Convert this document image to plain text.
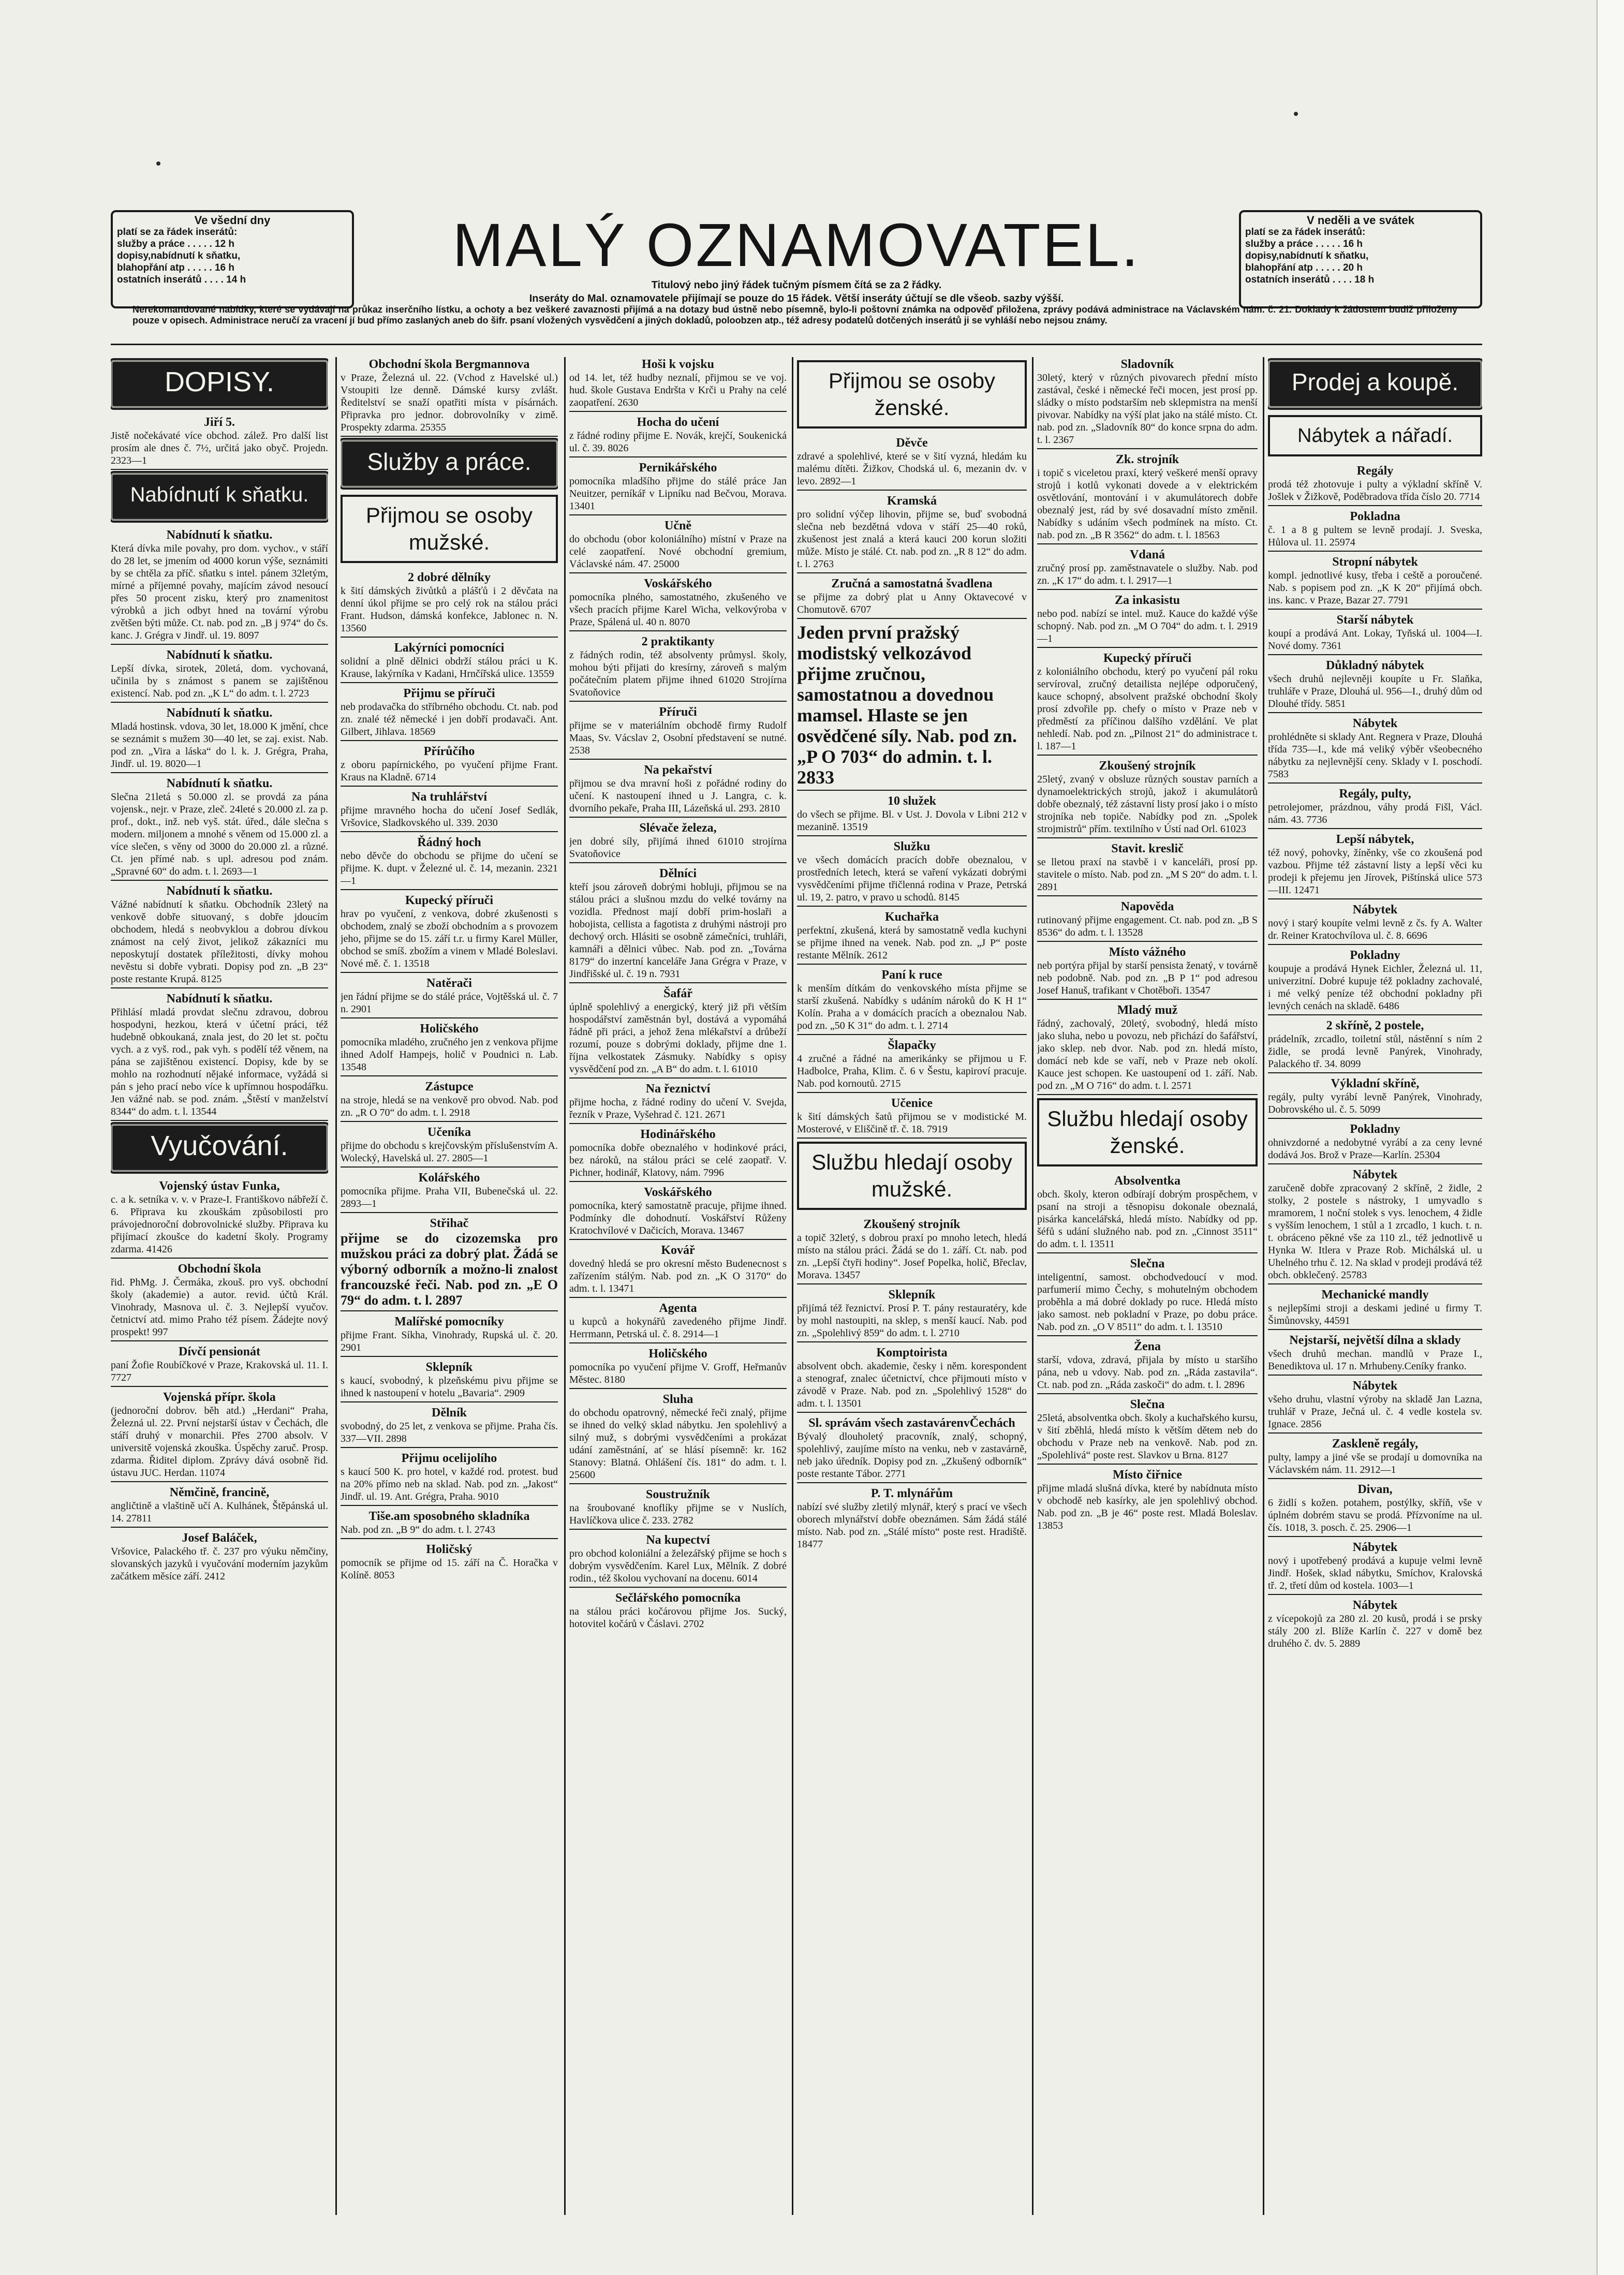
Ve všední dny
platí se za řádek inserátů:
služby a práce . . . . . 12 h
dopisy,nabídnutí k sňatku,
blahopřání atp . . . . . 16 h
ostatních inserátů . . . . 14 h
MALÝ OZNAMOVATEL.
Titulový nebo jiný řádek tučným písmem čítá se za 2 řádky.
Inseráty do Mal. oznamovatele přijímají se pouze do 15 řádek. Větší inseráty účtují se dle všeob. sazby výšší.
V neděli a ve svátek
platí se za řádek inserátů:
služby a práce . . . . . 16 h
dopisy,nabídnutí k sňatku,
blahopřání atp . . . . . 20 h
ostatních inserátů . . . . 18 h
Nerekomandované nabídky, které se vydávají na průkaz inserčního lístku, a ochoty a bez veškeré zavaznosti přijímá a na dotazy bud ústně nebo písemně, bylo-li poštovní známka na odpověď přiložena, zprávy podává administrace na Václavském nám. č. 21. Doklady k žádostem budiž přiloženy pouze v opisech. Administrace neručí za vracení jí bud přímo zaslaných aneb do šifr. psaní vložených vysvědčení a jiných dokladů, poloobzen atp., též adresy podatelů dotčených inserátů ji se vyhláší nebo nejsou známy.
DOPISY.
Jiří 5.
Jistě nočekávaté více obchod. zálež. Pro další list prosím ale dnes č. 7½, určitá jako obyč. Projedn. 2323—1
Nabídnutí k sňatku.
Nabídnutí k sňatku.
Která dívka mile povahy, pro dom. vychov., v stáří do 28 let, se jmením od 4000 korun výše, seznámiti by se chtěla za příč. sňatku s intel. pánem 32letým, mírné a příjemné povahy, majícím závod nesoucí přes 50 procent zisku, který pro znamenitost výrobků a jich odbyt hned na tovární výrobu zvětšen býti může. Ct. nab. pod zn. „B j 974“ do čs. kanc. J. Grégra v Jindř. ul. 19. 8097
Nabídnutí k sňatku.
Lepší dívka, sirotek, 20letá, dom. vychovaná, učinila by s známost s panem se zajištěnou existencí. Nab. pod zn. „K L“ do adm. t. l. 2723
Nabídnutí k sňatku.
Mladá hostinsk. vdova, 30 let, 18.000 K jmění, chce se seznámit s mužem 30—40 let, se zaj. exist. Nab. pod zn. „Vira a láska“ do l. k. J. Grégra, Praha, Jindř. ul. 19. 8020—1
Nabídnutí k sňatku.
Slečna 21letá s 50.000 zl. se provdá za pána vojensk., nejr. v Praze, zleč. 24leté s 20.000 zl. za p. prof., dokt., inž. neb vyš. stát. úřed., dále slečna s modern. miljonem a mnohé s věnem od 15.000 zl. a více slečen, s věny od 3000 do 20.000 zl. a různé. Ct. jen přímé nab. s upl. adresou pod znám. „Spravné 60“ do adm. t. l. 2693—1
Nabídnutí k sňatku.
Vážné nabídnutí k sňatku. Obchodník 23letý na venkově dobře situovaný, s dobře jdoucím obchodem, hledá s neobvyklou a dobrou dívkou známost na celý život, jelikož zákazníci mu neposkytují dostatek příležitosti, dívky mohou nevěstu si dobře vybrati. Dopisy pod zn. „B 23“ poste restante Krupá. 8125
Nabídnutí k sňatku.
Přihlásí mladá provdat slečnu zdravou, dobrou hospodyni, hezkou, která v účetní práci, též hudebně obkoukaná, znala jest, do 20 let st. počtu vych. a z vyš. rod., pak vyh. s podělí též věnem, na pána se zajištěnou existencí. Dopisy, kde by se mohlo na rozhodnutí nějaké informace, vyžádá si pán s jeho prací nebo více k upřímnou hospodářku. Jen vážné nab. se pod. znám. „Štěstí v manželství 8344“ do adm. t. l. 13544
Vyučování.
Vojenský ústav Funka,
c. a k. setníka v. v. v Praze-I. Františkovo nábřeží č. 6. Připrava ku zkouškám způsobilosti pro právojednoroční dobrovolnické služby. Připrava ku přijímací zkoušce do kadetní školy. Programy zdarma. 41426
Obchodní škola
řid. PhMg. J. Čermáka, zkouš. pro vyš. obchodní školy (akademie) a autor. revid. účtů Král. Vinohrady, Masnova ul. č. 3. Nejlepší vyučov. četnictví atd. mimo Praho též písem. Žádejte nový prospekt! 997
Dívčí pensionát
paní Žofie Roubíčkové v Praze, Krakovská ul. 11. I. 7727
Vojenská přípr. škola
(jednoroční dobrov. běh atd.) „Herdani“ Praha, Železná ul. 22. První nejstarší ústav v Čechách, dle stáří druhý v monarchii. Přes 2700 absolv. V universitě vojenská zkouška. Úspěchy zaruč. Prosp. zdarma. Řiditel diplom. Zprávy dává osobně řid. ústavu JUC. Herdan. 11074
Němčině, francině,
angličtině a vlaštině učí A. Kulhánek, Štěpánská ul. 14. 27811
Josef Baláček,
Vršovice, Palackého tř. č. 237 pro výuku němčiny, slovanských jazyků i vyučování moderním jazykům začátkem měsíce září. 2412
Obchodní škola Bergmannova
v Praze, Železná ul. 22. (Vchod z Havelské ul.) Vstoupiti lze denně. Dámské kursy zvlášt. Ředitelství se snaží opatřiti místa v písárnách. Připravka pro jednor. dobrovolníky v zimě. Prospekty zdarma. 25355
Služby a práce.
Přijmou se osoby mužské.
2 dobré dělníky
k šití dámských živůtků a plášťů i 2 děvčata na denní úkol přijme se pro celý rok na stálou práci Frant. Hudson, dámská konfekce, Jablonec n. N. 13560
Lakýrníci pomocníci
solidní a plně dělnici obdrží stálou práci u K. Krause, lakýrníka v Kadani, Hrnčířská ulice. 13559
Přijmu se příruči
neb prodavačka do stříbrného obchodu. Ct. nab. pod zn. znalé též německé i jen dobří prodavači. Ant. Gilbert, Jihlava. 18569
Přírůčího
z oboru papírnického, po vyučení přijme Frant. Kraus na Kladně. 6714
Na truhlářství
přijme mravného hocha do učení Josef Sedlák, Vršovice, Sladkovského ul. 339. 2030
Řádný hoch
nebo děvče do obchodu se přijme do učení se přijme. K. dupt. v Železné ul. č. 14, mezanin. 2321—1
Kupecký příruči
hrav po vyučení, z venkova, dobré zkušenosti s obchodem, znalý se zboží obchodním a s provozem jeho, přijme se do 15. září t.r. u firmy Karel Müller, obchod se smíš. zbožím a vinem v Mladé Boleslavi. Nové mě. č. 1. 13518
Natěrači
jen řádní přijme se do stálé práce, Vojtěšská ul. č. 7 n. 2901
Holičského
pomocníka mladého, zručného jen z venkova přijme ihned Adolf Hampejs, holič v Poudnici n. Lab. 13548
Zástupce
na stroje, hledá se na venkově pro obvod. Nab. pod zn. „R O 70“ do adm. t. l. 2918
Učeníka
přijme do obchodu s krejčovským příslušenstvím A. Wolecký, Havelská ul. 27. 2805—1
Kolářského
pomocníka přijme. Praha VII, Bubenečská ul. 22. 2893—1
Střihač
přijme se do cizozemska pro mužskou práci za dobrý plat. Žádá se výborný odborník a možno-li znalost francouzské řeči. Nab. pod zn. „E O 79“ do adm. t. l. 2897
Malířské pomocníky
přijme Frant. Síkha, Vinohrady, Rupská ul. č. 20. 2901
Sklepník
s kaucí, svobodný, k plzeňskému pivu přijme se ihned k nastoupení v hotelu „Bavaria“. 2909
Dělník
svobodný, do 25 let, z venkova se přijme. Praha čís. 337—VII. 2898
Přijmu ocelijolího
s kaucí 500 K. pro hotel, v každé rod. protest. bud na 20% přímo neb na sklad. Nab. pod zn. „Jakost“ Jindř. ul. 19. Ant. Grégra, Praha. 9010
Tiše.am sposobného skladníka
Nab. pod zn. „B 9“ do adm. t. l. 2743
Holičský
pomocník se přijme od 15. září na Č. Horačka v Kolíně. 8053
Hoši k vojsku
od 14. let, též hudby neznalí, přijmou se ve voj. hud. škole Gustava Endršta v Krči u Prahy na celé zaopatření. 2630
Hocha do učení
z řádné rodiny přijme E. Novák, krejčí, Soukenická ul. č. 39. 8026
Pernikářského
pomocníka mladšího přijme do stálé práce Jan Neuitzer, perníkář v Lipníku nad Bečvou, Morava. 13401
Učně
do obchodu (obor koloniálního) místní v Praze na celé zaopatření. Nové obchodní gremium, Václavské nám. 47. 25000
Voskářského
pomocníka plného, samostatného, zkušeného ve všech pracích přijme Karel Wicha, velkovýroba v Praze, Spálená ul. 40 n. 8070
2 praktikanty
z řádných rodin, též absolventy průmysl. školy, mohou býti přijati do kresírny, zároveň s malým počátečním platem přijme ihned 61020 Strojírna Svatoňovice
Příruči
přijme se v materiálním obchodě firmy Rudolf Maas, Sv. Vácslav 2, Osobní představení se nutné. 2538
Na pekařství
přijmou se dva mravní hoši z pořádné rodiny do učení. K nastoupení ihned u J. Langra, c. k. dvorního pekaře, Praha III, Lázeňská ul. 293. 2810
Slévače železa,
jen dobré síly, přijímá ihned 61010 strojírna Svatoňovice
Dělníci
kteří jsou zároveň dobrými hobluji, přijmou se na stálou práci a slušnou mzdu do velké továrny na vozidla. Přednost mají dobří prim-hoslaři a hobojista, cellista a fagotista z druhými nástroji pro dechový orch. Hlásiti se osobně zámečníci, truhláři, kamnáři a dělnici vůbec. Nab. pod zn. „Továrna 8179“ do inzertní kanceláře Jana Grégra v Praze, v Jindřišské ul. č. 19 n. 7931
Šafář
úplně spolehlivý a energický, který již při větším hospodářství zaměstnán byl, dostává a vypomáhá řádně při práci, a jehož žena mlékařství a drůbeží rozumí, pouze s dobrými doklady, přijme dne 1. října velkostatek Zásmuky. Nabídky s opisy vysvědčení pod zn. „A B“ do adm. t. l. 61010
Na řeznictví
přijme hocha, z řádné rodiny do učení V. Svejda, řezník v Praze, Vyšehrad č. 121. 2671
Hodinářského
pomocníka dobře obeznalého v hodinkové práci, bez nároků, na stálou práci se celé zaopatř. V. Pichner, hodinář, Klatovy, nám. 7996
Voskářského
pomocníka, který samostatně pracuje, přijme ihned. Podmínky dle dohodnutí. Voskářství Růženy Kratochvílové v Dačicích, Morava. 13467
Kovář
dovedný hledá se pro okresní město Budenecnost s zařízením stálým. Nab. pod zn. „K O 3170“ do adm. t. l. 13471
Agenta
u kupců a hokynářů zavedeného přijme Jindř. Herrmann, Petrská ul. č. 8. 2914—1
Holičského
pomocníka po vyučení přijme V. Groff, Heřmanův Městec. 8180
Sluha
do obchodu opatrovný, německé řeči znalý, přijme se ihned do velký sklad nábytku. Jen spolehlivý a silný muž, s dobrými vysvědčeními a prokázat udání zaměstnání, ať se hlásí písemně: kr. 162 Stanovy: Blatná. Ohlášení čís. 181“ do adm. t. l. 25600
Soustružník
na šroubované knoflíky přijme se v Nuslích, Havlíčkova ulice č. 233. 2782
Na kupectví
pro obchod koloniální a železářský přijme se hoch s dobrým vysvědčením. Karel Lux, Mělník. Z dobré rodin., též školou vychovaní na docenu. 6014
Sečlářského pomocníka
na stálou práci kočárovou přijme Jos. Sucký, hotovitel kočárů v Čáslavi. 2702
Přijmou se osoby ženské.
Děvče
zdravé a spolehlivé, které se v šití vyzná, hledám ku malému dítěti. Žižkov, Chodská ul. 6, mezanin dv. v levo. 2892—1
Kramská
pro solidní výčep lihovin, přijme se, buď svobodná slečna neb bezdětná vdova v stáří 25—40 roků, zkušenost jest znalá a která kauci 200 korun složiti může. Místo je stálé. Ct. nab. pod zn. „R 8 12“ do adm. t. l. 2763
Zručná a samostatná švadlena
se přijme za dobrý plat u Anny Oktavecové v Chomutově. 6707
Jeden první pražský modistský velkozávod přijme zručnou, samostatnou a dovednou
mamsel. Hlaste se jen osvědčené síly. Nab. pod zn. „P O 703“ do admin. t. l. 2833
10 služek
do všech se přijme. Bl. v Ust. J. Dovola v Libni 212 v mezanině. 13519
Služku
ve všech domácích pracích dobře obeznalou, v prostředních letech, která se vaření vykázati dobrými vysvědčeními přijme třičlenná rodina v Praze, Petrská ul. 19, 2. patro, v pravo u schodů. 8145
Kuchařka
perfektní, zkušená, která by samostatně vedla kuchyni se přijme ihned na venek. Nab. pod zn. „J P“ poste restante Mělník. 2612
Paní k ruce
k menším dítkám do venkovského místa přijme se starší zkušená. Nabídky s udáním nároků do K H 1“ Kolín. Praha a v domácích pracích a obeznalou Nab. pod zn. „50 K 31“ do adm. t. l. 2714
Šlapačky
4 zručné a řádné na amerikánky se přijmou u F. Hadbolce, Praha, Klim. č. 6 v Šestu, kapiroví pracuje. Nab. pod kornoutů. 2715
Učenice
k šití dámských šatů přijmou se v modistické M. Mosterové, v Eliščině tř. č. 18. 7919
Službu hledají osoby mužské.
Zkoušený strojník
a topič 32letý, s dobrou praxí po mnoho letech, hledá místo na stálou práci. Žádá se do 1. září. Ct. nab. pod zn. „Lepší čtyři hodiny“. Josef Popelka, holič, Břeclav, Morava. 13457
Sklepník
přijímá též řeznictví. Prosí P. T. pány restauratéry, kde by mohl nastoupiti, na sklep, s menší kaucí. Nab. pod zn. „Spolehlivý 859“ do adm. t. l. 2710
Komptoirista
absolvent obch. akademie, česky i něm. korespondent a stenograf, znalec účetnictví, chce přijmouti místo v závodě v Praze. Nab. pod zn. „Spolehlivý 1528“ do adm. t. l. 13501
Sl. správám všech zastavárenvČechách
Bývalý dlouholetý pracovník, znalý, schopný, spolehlivý, zaujíme místo na venku, neb v zastavárně, neb jako úředník. Dopisy pod zn. „Zkušený odborník“ poste restante Tábor. 2771
P. T. mlynářům
nabízí své služby zletilý mlynář, který s prací ve všech oborech mlynářství dobře obeznámen. Sám žádá stálé místo. Nab. pod zn. „Stálé místo“ poste rest. Hradiště. 18477
Sladovník
30letý, který v různých pivovarech přední místo zastával, české i německé řeči mocen, jest prosí pp. sládky o místo podstarším neb sklepmistra na menší pivovar. Nabídky na výší plat jako na stálé místo. Ct. nab. pod zn. „Sladovník 80“ do konce srpna do adm. t. l. 2367
Zk. strojník
i topič s viceletou praxí, který veškeré menší opravy strojů i kotlů vykonati dovede a v elektrickém osvětlování, montování i v akumulátorech dobře obeznalý jest, rád by své dosavadní místo změnil. Nabídky s udáním všech podmínek na místo. Ct. nab. pod zn. „B R 3562“ do adm. t. l. 18563
Vdaná
zručný prosí pp. zaměstnavatele o služby. Nab. pod zn. „K 17“ do adm. t. l. 2917—1
Za inkasistu
nebo pod. nabízí se intel. muž. Kauce do každé výše schopný. Nab. pod zn. „M O 704“ do adm. t. l. 2919—1
Kupecký příruči
z koloniálního obchodu, který po vyučení pál roku servíroval, zručný detailista nejlépe odporučený, kauce schopný, absolvent pražské obchodní školy prosí zdvořile pp. chefy o místo v Praze neb v předměstí za příčinou dalšího vzdělání. Ve plat nehledí. Nab. pod zn. „Pilnost 21“ do administrace t. l. 187—1
Zkoušený strojník
25letý, zvaný v obsluze různých soustav parních a dynamoelektrických strojů, jakož i akumulátorů dobře obeznalý, též zástavní listy prosí jako i o místo strojníka neb topiče. Nabídky pod zn. „Spolek strojmistrů“ přím. textilního v Ústí nad Orl. 61023
Stavit. kreslič
se lletou praxí na stavbě i v kanceláři, prosí pp. stavitele o místo. Nab. pod zn. „M S 20“ do adm. t. l. 2891
Napověda
rutinovaný přijme engagement. Ct. nab. pod zn. „B S 8536“ do adm. t. l. 13528
Místo vážného
neb portýra přijal by starší pensista ženatý, v továrně neb podobně. Nab. pod zn. „B P 1“ pod adresou Josef Hanuš, trafikant v Chotěboři. 13547
Mladý muž
řádný, zachovalý, 20letý, svobodný, hledá místo jako sluha, nebo u povozu, neb přichází do šafářství, jako sklep. neb dvor. Nab. pod zn. hledá místo, domácí neb kde se vaří, neb v Praze neb okolí. Kauce jest schopen. Ke uastoupení od 1. září. Nab. pod zn. „M O 716“ do adm. t. l. 2571
Službu hledají osoby ženské.
Absolventka
obch. školy, kteron odbírají dobrým prospěchem, v psaní na stroji a těsnopisu dokonale obeznalá, pisárka kancelářská, hledá místo. Nabídky od pp. šéfů s udání služného nab. pod zn. „Cinnost 3511“ do adm. t. l. 13511
Slečna
inteligentní, samost. obchodvedoucí v mod. parfumerií mimo Čechy, s mohutelným obchodem proběhla a má dobré doklady po ruce. Hledá místo jako samost. neb pokladní v Praze, po dobu práce. Nab. pod zn. „O V 8511“ do adm. t. l. 13510
Žena
starší, vdova, zdravá, přijala by místo u staršího pána, neb u vdovy. Nab. pod zn. „Ráda zastavila“. Ct. nab. pod zn. „Ráda zaskoči“ do adm. t. l. 2896
Slečna
25letá, absolventka obch. školy a kuchařského kursu, v šití zběhlá, hledá místo k větším dětem neb do obchodu v Praze neb na venkově. Nab. pod zn. „Spolehlivá“ poste rest. Slavkov u Brna. 8127
Místo čiřnice
přijme mladá slušná dívka, které by nabídnuta místo v obchodě neb kasírky, ale jen spolehlivý obchod. Nab. pod zn. „B je 46“ poste rest. Mladá Boleslav. 13853
Prodej a koupě.
Nábytek a nářadí.
Regály
prodá též zhotovuje i pulty a výkladní skříně V. Jošlek v Žižkově, Poděbradova třída číslo 20. 7714
Pokladna
č. 1 a 8 g pultem se levně prodají. J. Sveska, Hůlova ul. 11. 25974
Stropní nábytek
kompl. jednotlivé kusy, třeba i ceště a poroučené. Nab. s popisem pod zn. „K K 20“ přijímá obch. ins. kanc. v Praze, Bazar 27. 7791
Starší nábytek
koupí a prodává Ant. Lokay, Tyňská ul. 1004—I. Nové domy. 7361
Důkladný nábytek
všech druhů nejlevněji koupíte u Fr. Slaňka, truhláře v Praze, Dlouhá ul. 956—I., druhý dům od Dlouhé třídy. 5851
Nábytek
prohlédněte si sklady Ant. Regnera v Praze, Dlouhá třída 735—I., kde má veliký výběr všeobecného nábytku za nejlevnější ceny. Sklady v I. poschodí. 7583
Regály, pulty,
petrolejomer, prázdnou, váhy prodá Fišl, Václ. nám. 43. 7736
Lepší nábytek,
též nový, pohovky, žíněnky, vše co zkoušená pod vazbou. Přijme též zástavní listy a lepší věci ku prodeji k přejemu jen Jírovek, Pištínská ulice 573—III. 12471
Nábytek
nový i starý koupíte velmi levně z čs. fy A. Walter dr. Reiner Kratochvílova ul. č. 8. 6696
Pokladny
koupuje a prodává Hynek Eichler, Železná ul. 11, univerzitní. Dobré kupuje též pokladny zachovalé, i mé velký peníze též obchodní pokladny při levných cenách na skladě. 6486
2 skříně, 2 postele,
prádelník, zrcadlo, toiletní stůl, nástěnní s ním 2 židle, se prodá levně Panýrek, Vinohrady, Palackého tř. 34. 8099
Výkladní skříně,
regály, pulty vyrábí levně Panýrek, Vinohrady, Dobrovského ul. č. 5. 5099
Pokladny
ohnivzdorné a nedobytné vyrábí a za ceny levné dodává Jos. Brož v Praze—Karlín. 25304
Nábytek
zaručeně dobře zpracovaný 2 skříně, 2 židle, 2 stolky, 2 postele s nástroky, 1 umyvadlo s mramorem, 1 noční stolek s vys. lenochem, 4 židle s vyšším lenochem, 1 stůl a 1 zrcadlo, 1 kuch. t. n. t. obráceno pěkné vše za 110 zl., též jednotlivě u Hynka W. Itlera v Praze Rob. Michálská ul. u Uhelného trhu č. 12. Na sklad v prodeji prodává též obch. obklečený. 25783
Mechanické mandly
s nejlepšími stroji a deskami jediné u firmy T. Šimůnovsky, 44591
Nejstarší, největší dílna a sklady
všech druhů mechan. mandlů v Praze I., Benediktova ul. 17 n. Mrhubeny.Ceníky franko.
Nábytek
všeho druhu, vlastní výroby na skladě Jan Lazna, truhlář v Praze, Ječná ul. č. 4 vedle kostela sv. Ignace. 2856
Zaskleně regály,
pulty, lampy a jiné vše se prodají u domovníka na Václavském nám. 11. 2912—1
Divan,
6 židlí s kožen. potahem, postýlky, skříň, vše v úplném dobrém stavu se prodá. Přízvoníme na ul. čís. 1018, 3. posch. č. 25. 2906—1
Nábytek
nový i upotřebený prodává a kupuje velmi levně Jindř. Hošek, sklad nábytku, Smíchov, Kralovská tř. 2, třetí dům od kostela. 1003—1
Nábytek
z vícepokojů za 280 zl. 20 kusů, prodá i se prsky stály 200 zl. Blíže Karlín č. 227 v domě bez druhého č. dv. 5. 2889
